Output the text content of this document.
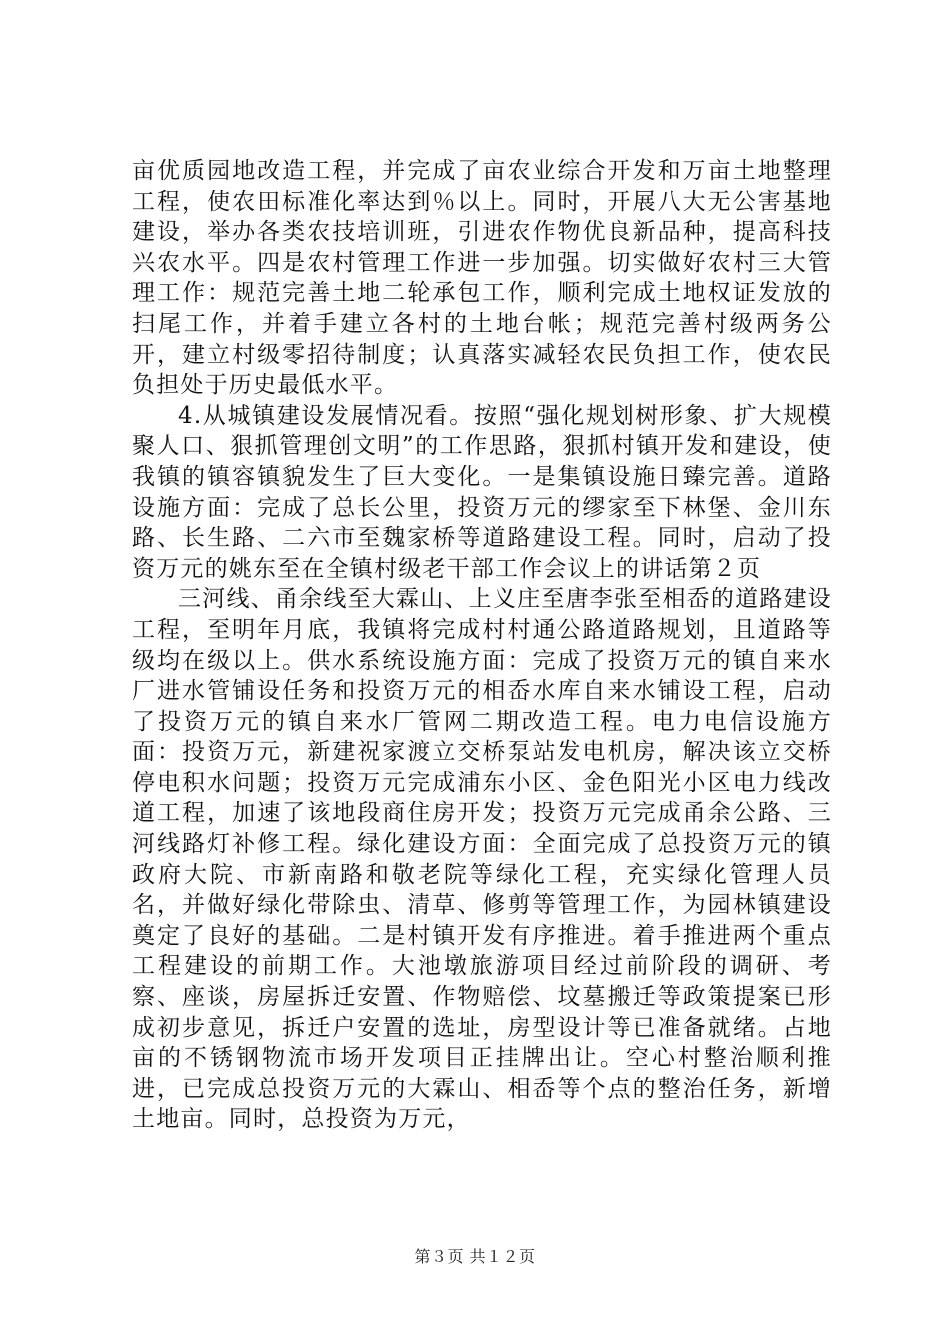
亩优质园地改造工程，并完成了亩农业综合开发和万亩土地整理工程，使农田标准化率达到％以上。同时，开展八大无公害基地建设，举办各类农技培训班，引进农作物优良新品种，提高科技兴农水平。四是农村管理工作进一步加强。切实做好农村三大管理工作：规范完善土地二轮承包工作，顺利完成土地权证发放的扫尾工作，并着手建立各村的土地台帐；规范完善村级两务公开，建立村级零招待制度；认真落实减轻农民负担工作，使农民负担处于历史最低水平。

4.从城镇建设发展情况看。按照“强化规划树形象、扩大规模聚人口、狠抓管理创文明”的工作思路，狠抓村镇开发和建设，使我镇的镇容镇貌发生了巨大变化。一是集镇设施日臻完善。道路设施方面：完成了总长公里，投资万元的缪家至下林堡、金川东路、长生路、二六市至魏家桥等道路建设工程。同时，启动了投资万元的姚东至在全镇村级老干部工作会议上的讲话第２页

三河线、甬余线至大霖山、上义庄至唐李张至相岙的道路建设工程，至明年月底，我镇将完成村村通公路道路规划，且道路等级均在级以上。供水系统设施方面：完成了投资万元的镇自来水厂进水管铺设任务和投资万元的相岙水库自来水铺设工程，启动了投资万元的镇自来水厂管网二期改造工程。电力电信设施方面：投资万元，新建祝家渡立交桥泵站发电机房，解决该立交桥停电积水问题；投资万元完成浦东小区、金色阳光小区电力线改道工程，加速了该地段商住房开发；投资万元完成甬余公路、三河线路灯补修工程。绿化建设方面：全面完成了总投资万元的镇政府大院、市新南路和敬老院等绿化工程，充实绿化管理人员名，并做好绿化带除虫、清草、修剪等管理工作，为园林镇建设奠定了良好的基础。二是村镇开发有序推进。着手推进两个重点工程建设的前期工作。大池墩旅游项目经过前阶段的调研、考察、座谈，房屋拆迁安置、作物赔偿、坟墓搬迁等政策提案已形成初步意见，拆迁户安置的选址，房型设计等已准备就绪。占地亩的不锈钢物流市场开发项目正挂牌出让。空心村整治顺利推进，已完成总投资万元的大霖山、相岙等个点的整治任务，新增土地亩。同时，总投资为万元，

第３页 共１２页
